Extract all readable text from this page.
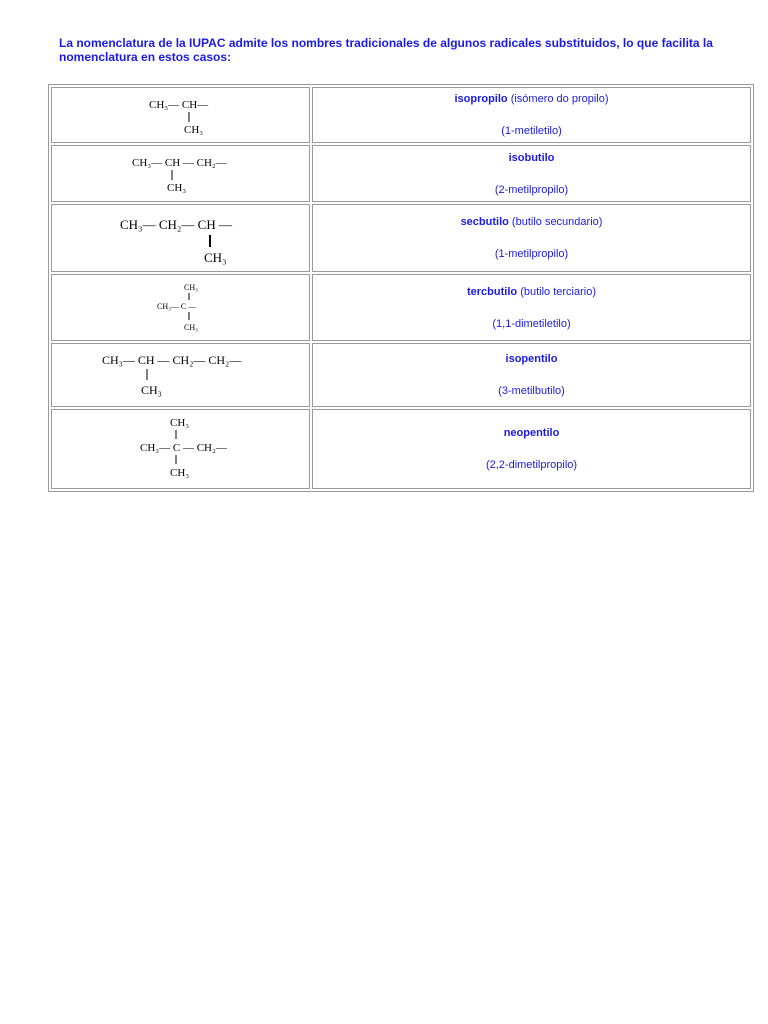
La nomenclatura de la IUPAC admite los nombres tradicionales de algunos radicales substituidos, lo que facilita la nomenclatura en estos casos:

CH₃— CH—
CH₃	isopropilo (isómero do propilo)
(1-metiletilo)

CH₃— CH — CH₂—
CH₃	isobutilo
(2-metilpropilo)

CH₃— CH₂— CH —
CH₃	secbutilo (butilo secundario)
(1-metilpropilo)

CH₃
CH₃— C —
CH₃	tercbutilo (butilo terciario)
(1,1-dimetiletilo)

CH₃— CH — CH₂— CH₂—
CH₃	isopentilo
(3-metilbutilo)

CH₃
CH₃— C — CH₂—
CH₃	neopentilo
(2,2-dimetilpropilo)
